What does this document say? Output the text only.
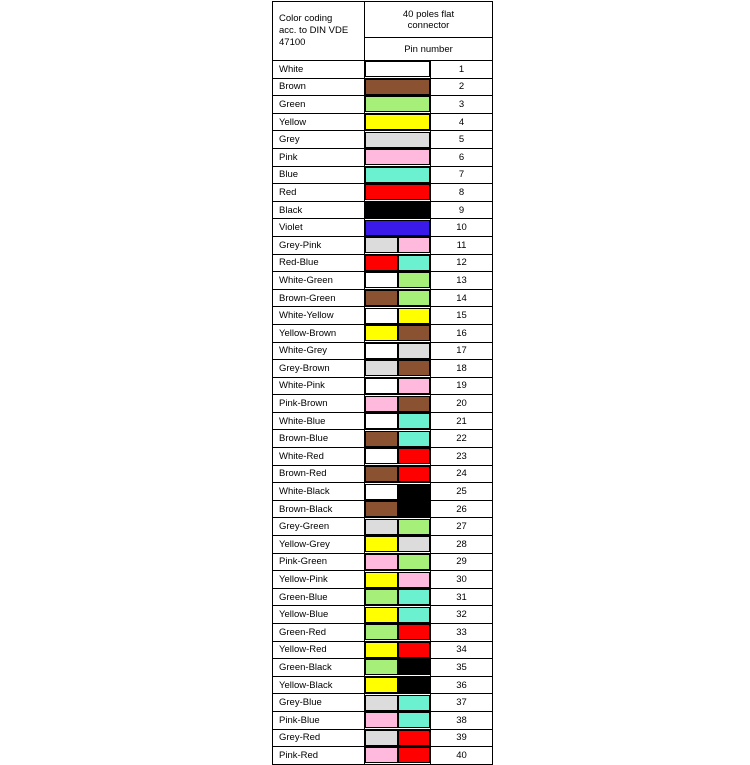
Color coding
acc. to DIN VDE 47100

40 poles flat
connector

	Pin number	
White		1
Brown		2
Green		3
Yellow		4
Grey		5
Pink		6
Blue		7
Red		8
Black		9
Violet		10
Grey-Pink		11
Red-Blue		12
White-Green		13
Brown-Green		14
White-Yellow		15
Yellow-Brown		16
White-Grey		17
Grey-Brown		18
White-Pink		19
Pink-Brown		20
White-Blue		21
Brown-Blue		22
White-Red		23
Brown-Red		24
White-Black		25
Brown-Black		26
Grey-Green		27
Yellow-Grey		28
Pink-Green		29
Yellow-Pink		30
Green-Blue		31
Yellow-Blue		32
Green-Red		33
Yellow-Red		34
Green-Black		35
Yellow-Black		36
Grey-Blue		37
Pink-Blue		38
Grey-Red		39
Pink-Red		40
